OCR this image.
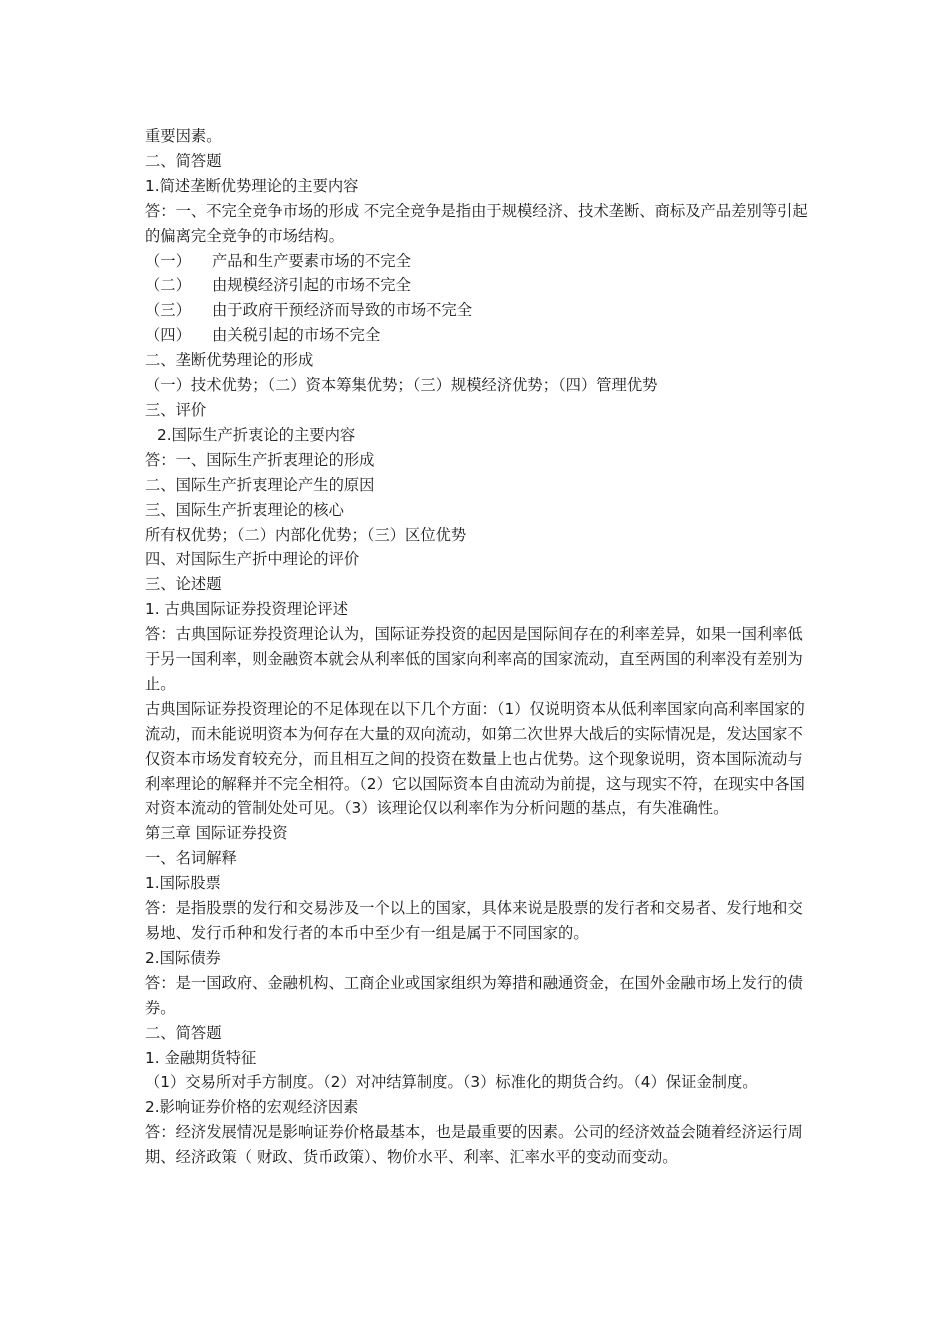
重要因素。

二、简答题

1.简述垄断优势理论的主要内容

答：一、不完全竞争市场的形成 不完全竞争是指由于规模经济、技术垄断、商标及产品差别等引起的偏离完全竞争的市场结构。

（一）	产品和生产要素市场的不完全
（二）	由规模经济引起的市场不完全
（三）	由于政府干预经济而导致的市场不完全
（四）	由关税引起的市场不完全

二、垄断优势理论的形成

（一）技术优势；（二）资本筹集优势；（三）规模经济优势；（四）管理优势

三、评价

2.国际生产折衷论的主要内容

答：一、国际生产折衷理论的形成

二、国际生产折衷理论产生的原因

三、国际生产折衷理论的核心

所有权优势；（二）内部化优势；（三）区位优势

四、对国际生产折中理论的评价

三、论述题

1. 古典国际证券投资理论评述

答：古典国际证券投资理论认为，国际证券投资的起因是国际间存在的利率差异，如果一国利率低于另一国利率，则金融资本就会从利率低的国家向利率高的国家流动，直至两国的利率没有差别为止。

古典国际证券投资理论的不足体现在以下几个方面：（1）仅说明资本从低利率国家向高利率国家的流动，而未能说明资本为何存在大量的双向流动，如第二次世界大战后的实际情况是，发达国家不仅资本市场发育较充分，而且相互之间的投资在数量上也占优势。这个现象说明，资本国际流动与利率理论的解释并不完全相符。（2）它以国际资本自由流动为前提，这与现实不符，在现实中各国对资本流动的管制处处可见。（3）该理论仅以利率作为分析问题的基点，有失准确性。

第三章 国际证券投资

一、名词解释

1.国际股票

答：是指股票的发行和交易涉及一个以上的国家，具体来说是股票的发行者和交易者、发行地和交易地、发行币种和发行者的本币中至少有一组是属于不同国家的。

2.国际债券

答：是一国政府、金融机构、工商企业或国家组织为筹措和融通资金，在国外金融市场上发行的债券。

二、简答题

1. 金融期货特征

（1）交易所对手方制度。（2）对冲结算制度。（3）标准化的期货合约。（4）保证金制度。

2.影响证券价格的宏观经济因素

答：经济发展情况是影响证券价格最基本，也是最重要的因素。公司的经济效益会随着经济运行周期、经济政策（ 财政、货币政策）、物价水平、利率、汇率水平的变动而变动。
